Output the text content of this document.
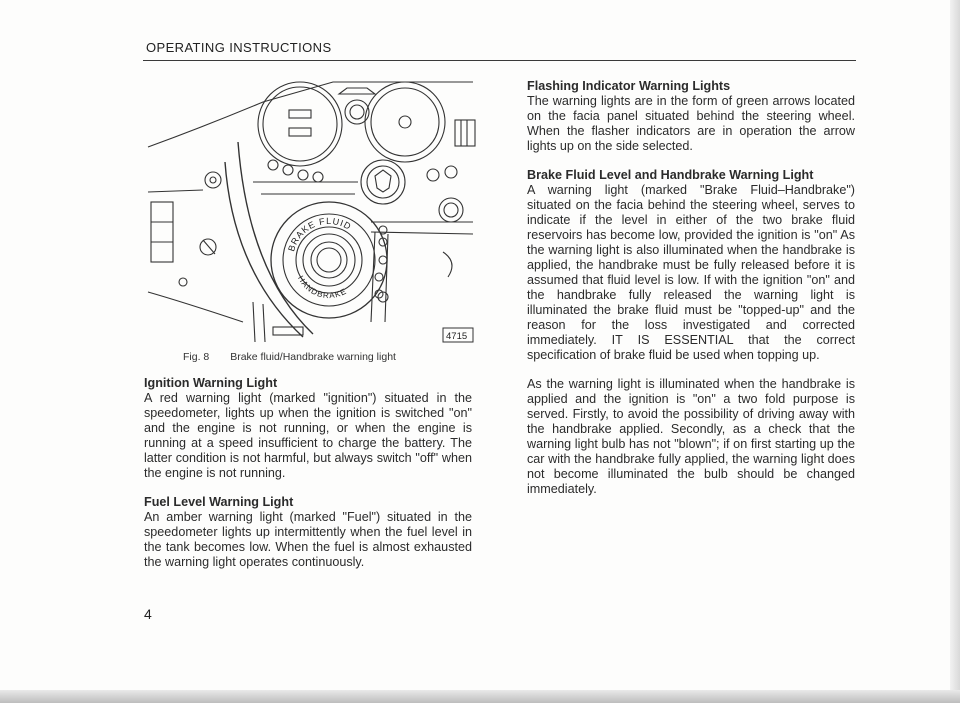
OPERATING INSTRUCTIONS
4715
BRAKE FLUID
HANDBRAKE
Fig. 8 Brake fluid/Handbrake warning light

Ignition Warning Light

A red warning light (marked "ignition") situated in the speedometer, lights up when the ignition is switched "on" and the engine is not running, or when the engine is running at a speed insufficient to charge the battery. The latter condition is not harmful, but always switch "off" when the engine is not running.

Fuel Level Warning Light

An amber warning light (marked "Fuel") situated in the speedometer lights up intermittently when the fuel level in the tank becomes low. When the fuel is almost exhausted the warning light operates continuously.

Flashing Indicator Warning Lights

The warning lights are in the form of green arrows located on the facia panel situated behind the steering wheel. When the flasher indicators are in operation the arrow lights up on the side selected.

Brake Fluid Level and Handbrake Warning Light

A warning light (marked "Brake Fluid–Handbrake") situated on the facia behind the steering wheel, serves to indicate if the level in either of the two brake fluid reservoirs has become low, provided the ignition is "on" As the warning light is also illuminated when the handbrake is applied, the handbrake must be fully released before it is assumed that fluid level is low. If with the ignition "on" and the handbrake fully released the warning light is illuminated the brake fluid must be "topped-up" and the reason for the loss investigated and corrected immediately. IT IS ESSENTIAL that the correct specification of brake fluid be used when topping up.

As the warning light is illuminated when the handbrake is applied and the ignition is "on" a two fold purpose is served. Firstly, to avoid the possibility of driving away with the handbrake applied. Secondly, as a check that the warning light bulb has not "blown"; if on first starting up the car with the handbrake fully applied, the warning light does not become illuminated the bulb should be changed immediately.

4
